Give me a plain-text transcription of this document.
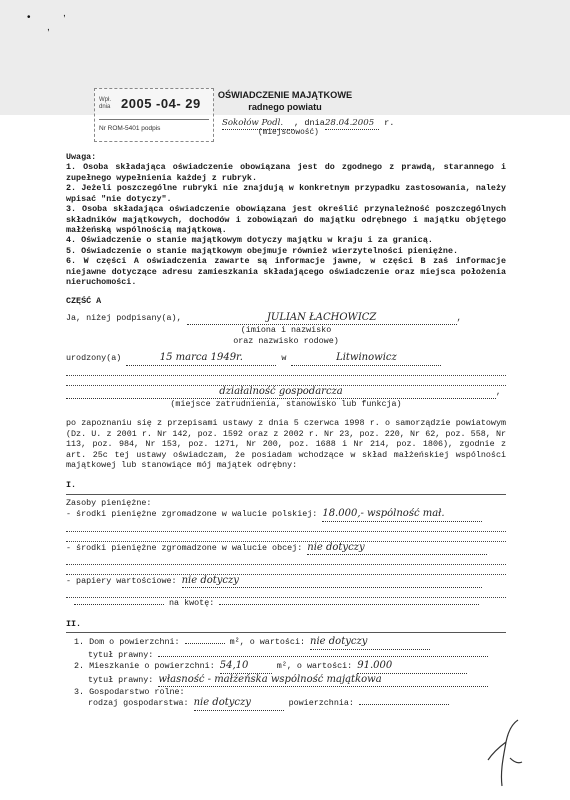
•	,
,
Wpł.
dnia 2005 -04- 29
Nr ROM-5401 podpis
OŚWIADCZENIE MAJĄTKOWE
radnego powiatu
Sokołów Podl. , dnia28.04.2005 r.
(miejscowość)

Uwaga:

1. Osoba składająca oświadczenie obowiązana jest do zgodnego z prawdą, starannego i zupełnego wypełnienia każdej z rubryk.

2. Jeżeli poszczególne rubryki nie znajdują w konkretnym przypadku zastosowania, należy wpisać "nie dotyczy".

3. Osoba składająca oświadczenie obowiązana jest określić przynależność poszczególnych składników majątkowych, dochodów i zobowiązań do majątku odrębnego i majątku objętego małżeńską wspólnością majątkową.

4. Oświadczenie o stanie majątkowym dotyczy majątku w kraju i za granicą.

5. Oświadczenie o stanie majątkowym obejmuje również wierzytelności pieniężne.

6. W części A oświadczenia zawarte są informacje jawne, w części B zaś informacje niejawne dotyczące adresu zamieszkania składającego oświadczenie oraz miejsca położenia nieruchomości.

CZĘŚĆ A

Ja, niżej podpisany(a),	JULIAN ŁACHOWICZ	,

(imiona i nazwisko
oraz nazwisko rodowe)

urodzony(a)	15 marca 1949r.	w	Litwinowicz

działalność gospodarcza	,

(miejsce zatrudnienia, stanowisko lub funkcja)

po zapoznaniu się z przepisami ustawy z dnia 5 czerwca 1998 r. o samorządzie powiatowym (Dz. U. z 2001 r. Nr 142, poz. 1592 oraz z 2002 r. Nr 23, poz. 220, Nr 62, poz. 558, Nr 113, poz. 984, Nr 153, poz. 1271, Nr 200, poz. 1688 i Nr 214, poz. 1806), zgodnie z art. 25c tej ustawy oświadczam, że posiadam wchodzące w skład małżeńskiej wspólności majątkowej lub stanowiące mój majątek odrębny:

I.

Zasoby pieniężne:

- środki pieniężne zgromadzone w walucie polskiej: 18.000,- wspólność mał.

- środki pieniężne zgromadzone w walucie obcej: nie dotyczy

- papiery wartościowe: nie dotyczy

na kwotę:

II.

1. Dom o powierzchni:	m², o wartości: nie dotyczy

tytuł prawny:

2. Mieszkanie o powierzchni: 54,10	m², o wartości: 91.000

tytuł prawny: własność - małżeńska wspólność majątkowa

3. Gospodarstwo rolne:

rodzaj gospodarstwa: nie dotyczy	powierzchnia:
